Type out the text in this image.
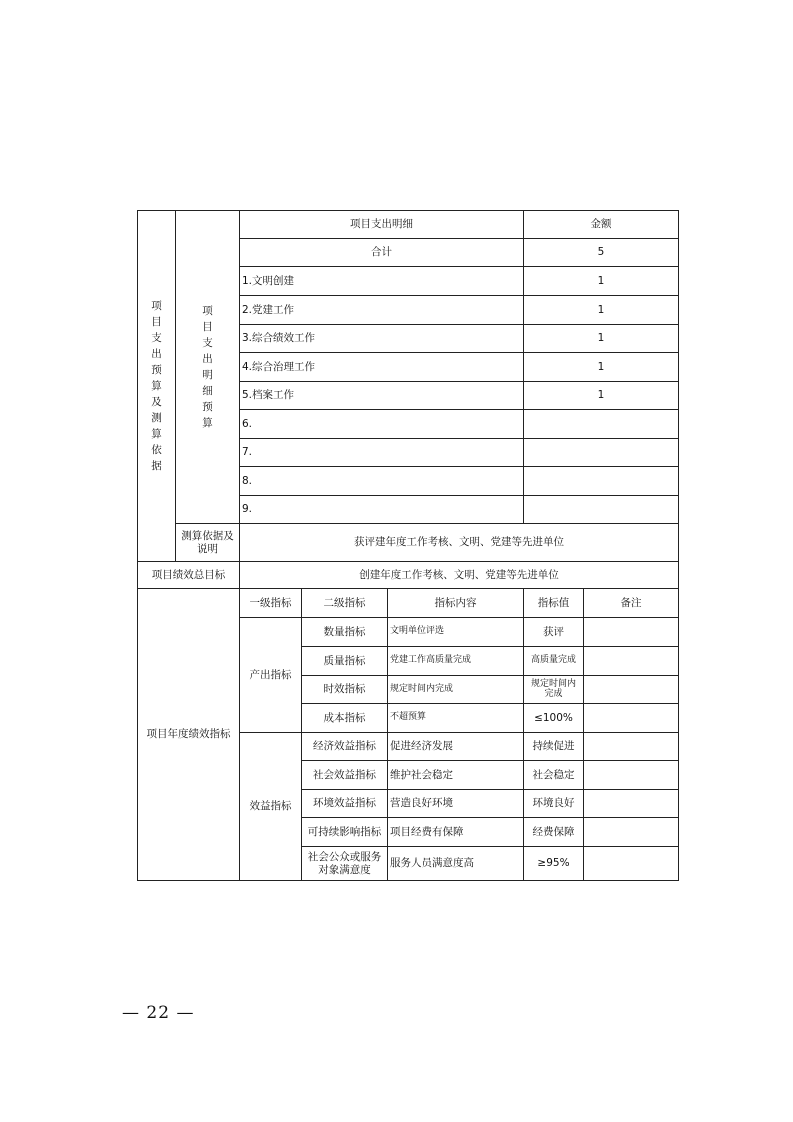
项目支出预算及测算依据	项目支出明细预算	项目支出明细			金额	
		合计			5	
		1.文明创建			1	
		2.党建工作			1	
		3.综合绩效工作			1	
		4.综合治理工作			1	
		5.档案工作			1	
		6.				
		7.				
		8.				
		9.				
	测算依据及说明	获评建年度工作考核、文明、党建等先进单位				
项目绩效总目标		创建年度工作考核、文明、党建等先进单位				
项目年度绩效指标		一级指标	二级指标	指标内容	指标值	备注
		产出指标	数量指标	文明单位评选	获评	
			质量指标	党建工作高质量完成	高质量完成	
			时效指标	规定时间内完成	规定时间内完成	
			成本指标	不超预算	≤100%	
		效益指标	经济效益指标	促进经济发展	持续促进	
			社会效益指标	维护社会稳定	社会稳定	
			环境效益指标	营造良好环境	环境良好	
			可持续影响指标	项目经费有保障	经费保障	
			社会公众或服务对象满意度	服务人员满意度高	≥95%	
— 22 —
